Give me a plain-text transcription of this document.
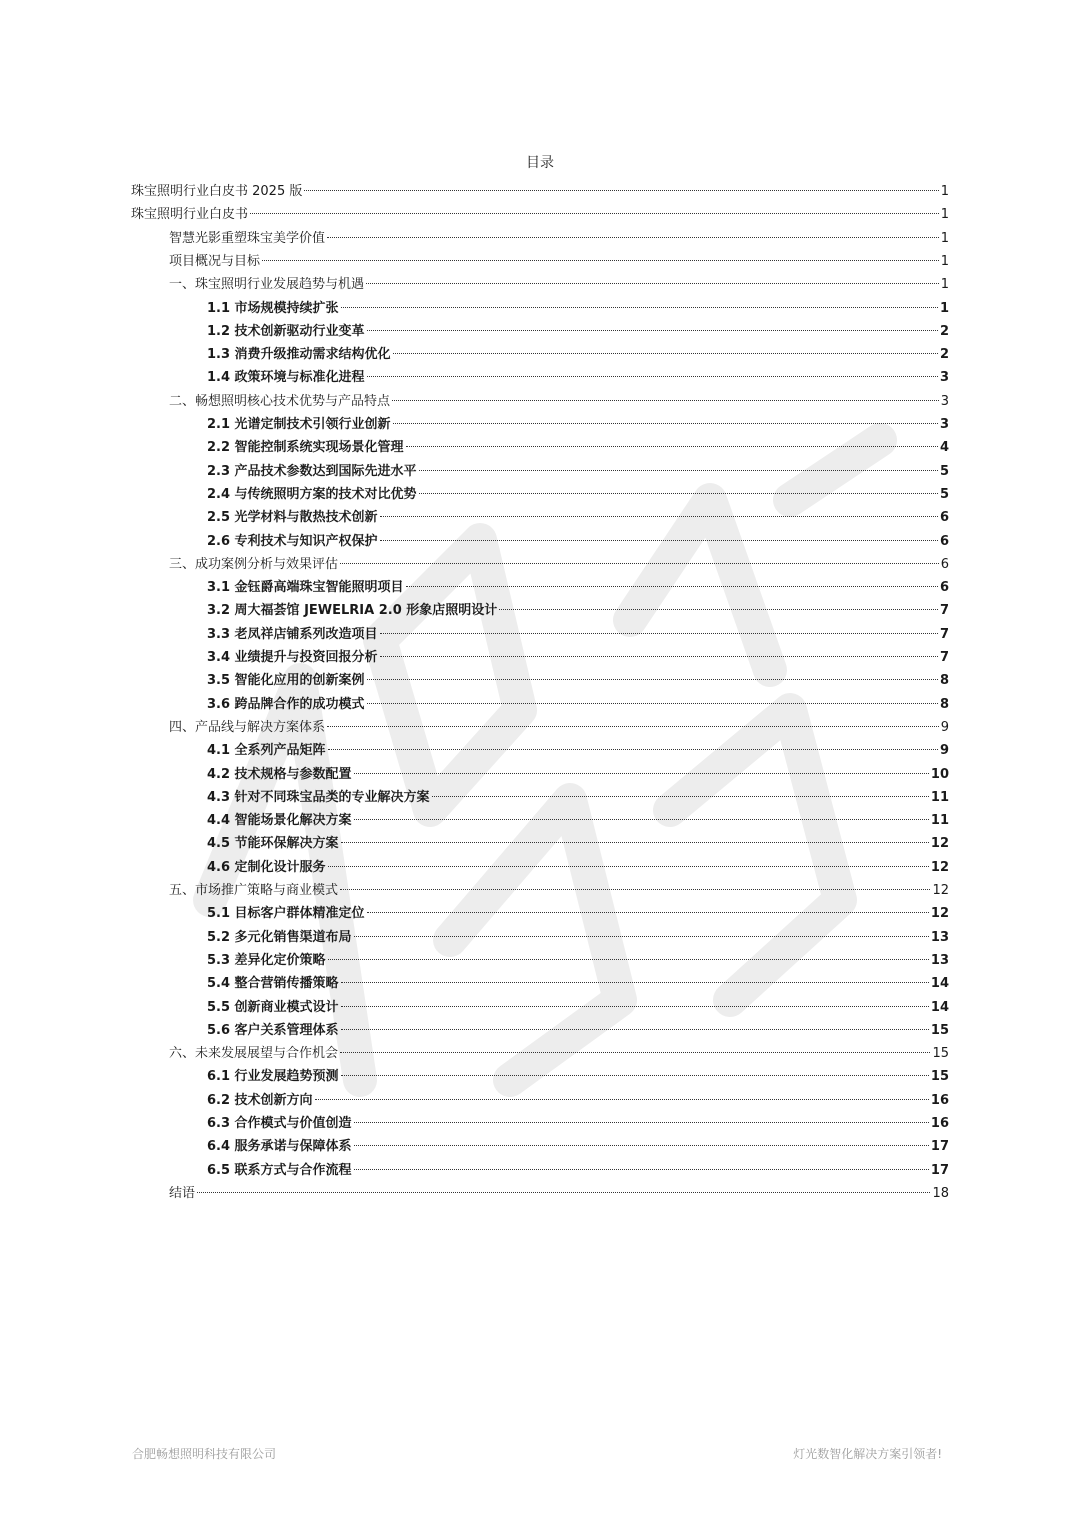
目录
珠宝照明行业白皮书 2025 版	1
珠宝照明行业白皮书	1
智慧光影重塑珠宝美学价值	1
项目概况与目标	1
一、珠宝照明行业发展趋势与机遇	1
1.1 市场规模持续扩张	1
1.2 技术创新驱动行业变革	2
1.3 消费升级推动需求结构优化	2
1.4 政策环境与标准化进程	3
二、畅想照明核心技术优势与产品特点	3
2.1 光谱定制技术引领行业创新	3
2.2 智能控制系统实现场景化管理	4
2.3 产品技术参数达到国际先进水平	5
2.4 与传统照明方案的技术对比优势	5
2.5 光学材料与散热技术创新	6
2.6 专利技术与知识产权保护	6
三、成功案例分析与效果评估	6
3.1 金钰爵高端珠宝智能照明项目	6
3.2 周大福荟馆 JEWELRIA 2.0 形象店照明设计	7
3.3 老凤祥店铺系列改造项目	7
3.4 业绩提升与投资回报分析	7
3.5 智能化应用的创新案例	8
3.6 跨品牌合作的成功模式	8
四、产品线与解决方案体系	9
4.1 全系列产品矩阵	9
4.2 技术规格与参数配置	10
4.3 针对不同珠宝品类的专业解决方案	11
4.4 智能场景化解决方案	11
4.5 节能环保解决方案	12
4.6 定制化设计服务	12
五、市场推广策略与商业模式	12
5.1 目标客户群体精准定位	12
5.2 多元化销售渠道布局	13
5.3 差异化定价策略	13
5.4 整合营销传播策略	14
5.5 创新商业模式设计	14
5.6 客户关系管理体系	15
六、未来发展展望与合作机会	15
6.1 行业发展趋势预测	15
6.2 技术创新方向	16
6.3 合作模式与价值创造	16
6.4 服务承诺与保障体系	17
6.5 联系方式与合作流程	17
结语	18
合肥畅想照明科技有限公司	灯光数智化解决方案引领者!
